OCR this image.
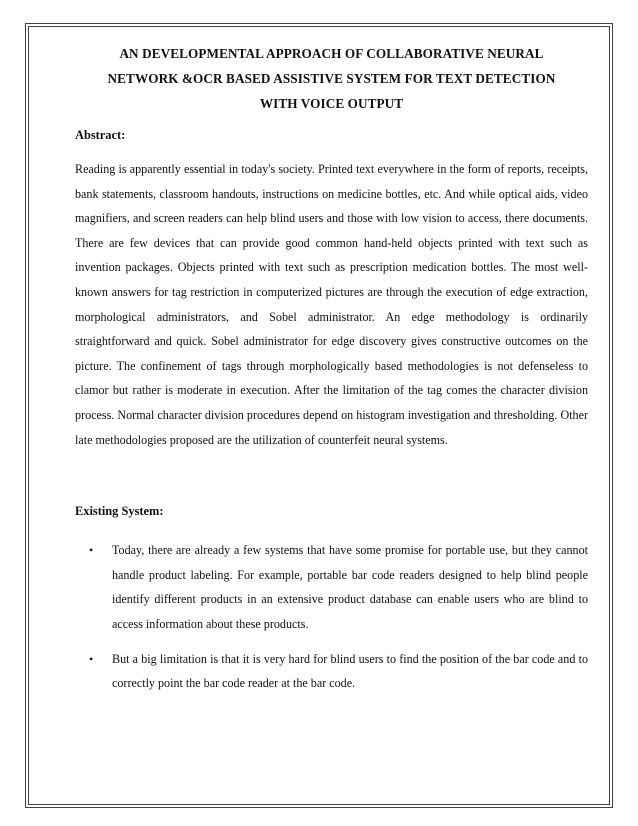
AN DEVELOPMENTAL APPROACH OF COLLABORATIVE NEURAL
NETWORK &OCR BASED ASSISTIVE SYSTEM FOR TEXT DETECTION
WITH VOICE OUTPUT
Abstract:

Reading is apparently essential in today's society. Printed text everywhere in the form of reports, receipts, bank statements, classroom handouts, instructions on medicine bottles, etc. And while optical aids, video magnifiers, and screen readers can help blind users and those with low vision to access, there documents. There are few devices that can provide good common hand-held objects printed with text such as invention packages. Objects printed with text such as prescription medication bottles. The most well-known answers for tag restriction in computerized pictures are through the execution of edge extraction, morphological administrators, and Sobel administrator. An edge methodology is ordinarily straightforward and quick. Sobel administrator for edge discovery gives constructive outcomes on the picture. The confinement of tags through morphologically based methodologies is not defenseless to clamor but rather is moderate in execution. After the limitation of the tag comes the character division process. Normal character division procedures depend on histogram investigation and thresholding. Other late methodologies proposed are the utilization of counterfeit neural systems.

Existing System:
• Today, there are already a few systems that have some promise for portable use, but they cannot handle product labeling. For example, portable bar code readers designed to help blind people identify different products in an extensive product database can enable users who are blind to access information about these products.
• But a big limitation is that it is very hard for blind users to find the position of the bar code and to correctly point the bar code reader at the bar code.
